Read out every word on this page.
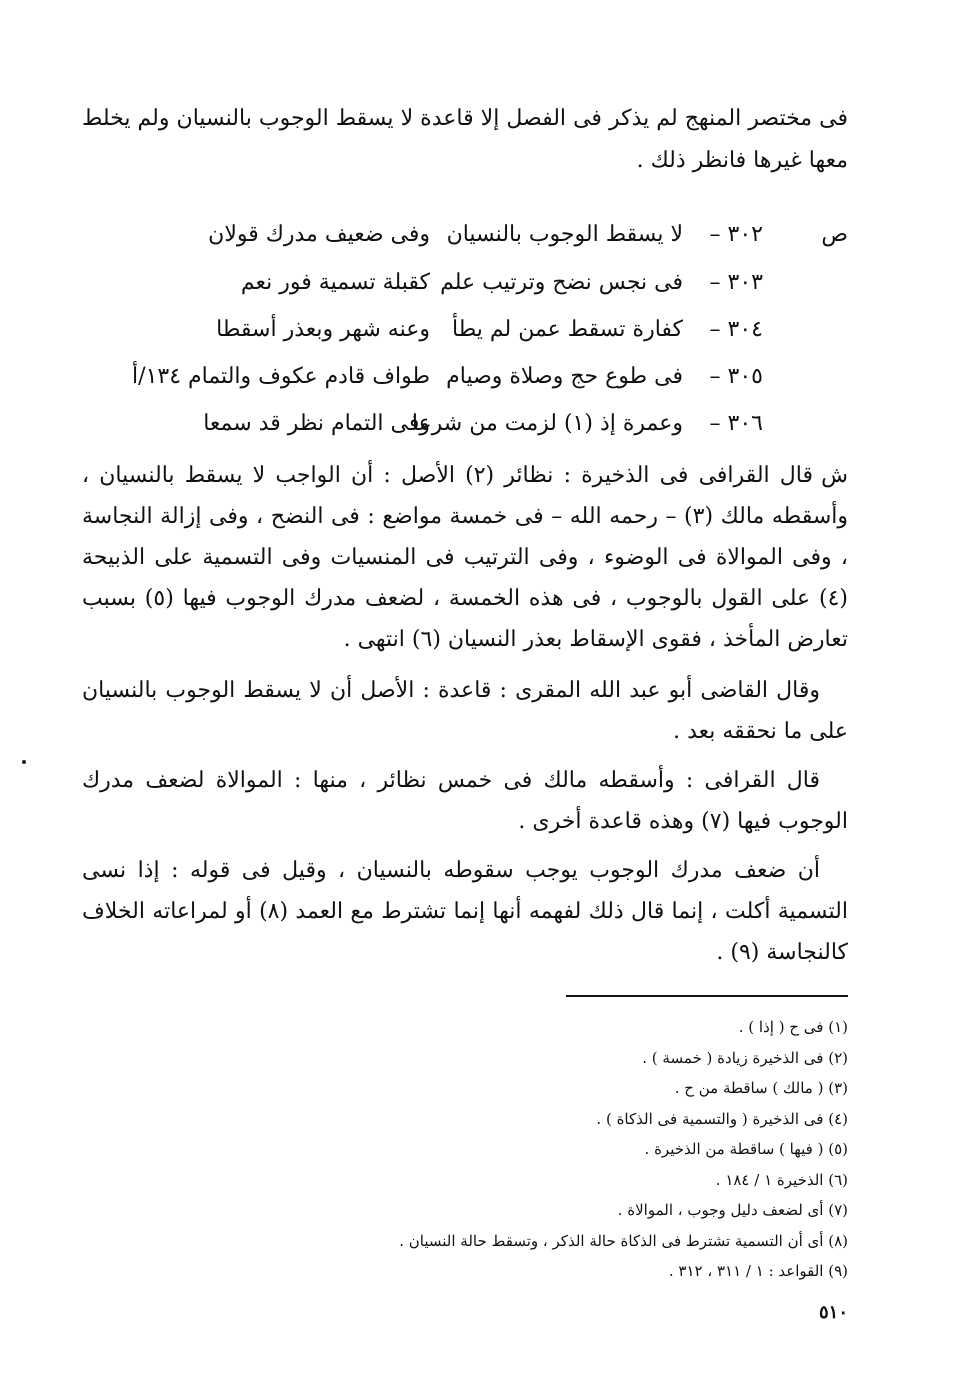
فى مختصر المنهج لم يذكر فى الفصل إلا قاعدة لا يسقط الوجوب بالنسيان ولم يخلط معها غيرها فانظر ذلك .

ص
٣٠٢ –
لا يسقط الوجوب بالنسيان
وفى ضعيف مدرك قولان
٣٠٣ –
فى نجس نضح وترتيب علم
كقبلة تسمية فور نعم
٣٠٤ –
كفارة تسقط عمن لم يطأ
وعنه شهر وبعذر أسقطا
٣٠٥ –
فى طوع حج وصلاة وصيام
طواف قادم عكوف والتمام ١٣٤/أ
٣٠٦ –
وعمرة إذ (١) لزمت من شرعا
وفى التمام نظر قد سمعا

ش
قال القرافى فى الذخيرة : نظائر (٢) الأصل : أن الواجب لا يسقط بالنسيان ، وأسقطه مالك (٣) – رحمه الله – فى خمسة مواضع : فى النضح ، وفى إزالة النجاسة ، وفى الموالاة فى الوضوء ، وفى الترتيب فى المنسيات وفى التسمية على الذبيحة (٤) على القول بالوجوب ، فى هذه الخمسة ، لضعف مدرك الوجوب فيها (٥) بسبب تعارض المأخذ ، فقوى الإسقاط بعذر النسيان (٦) انتهى .

وقال القاضى أبو عبد الله المقرى : قاعدة : الأصل أن لا يسقط الوجوب بالنسيان على ما نحققه بعد .

قال القرافى : وأسقطه مالك فى خمس نظائر ، منها : الموالاة لضعف مدرك الوجوب فيها (٧) وهذه قاعدة أخرى .

أن ضعف مدرك الوجوب يوجب سقوطه بالنسيان ، وقيل فى قوله : إذا نسى التسمية أكلت ، إنما قال ذلك لفهمه أنها إنما تشترط مع العمد (٨) أو لمراعاته الخلاف كالنجاسة (٩) .

(١) فى ح ( إذا ) .
(٢) فى الذخيرة زيادة ( خمسة ) .
(٣) ( مالك ) ساقطة من ح .
(٤) فى الذخيرة ( والتسمية فى الذكاة ) .
(٥) ( فيها ) ساقطة من الذخيرة .
(٦) الذخيرة ١ / ١٨٤ .
(٧) أى لضعف دليل وجوب ، الموالاة .
(٨) أى أن التسمية تشترط فى الذكاة حالة الذكر ، وتسقط حالة النسيان .
(٩) القواعد : ١ / ٣١١ ، ٣١٢ .
٥١٠
